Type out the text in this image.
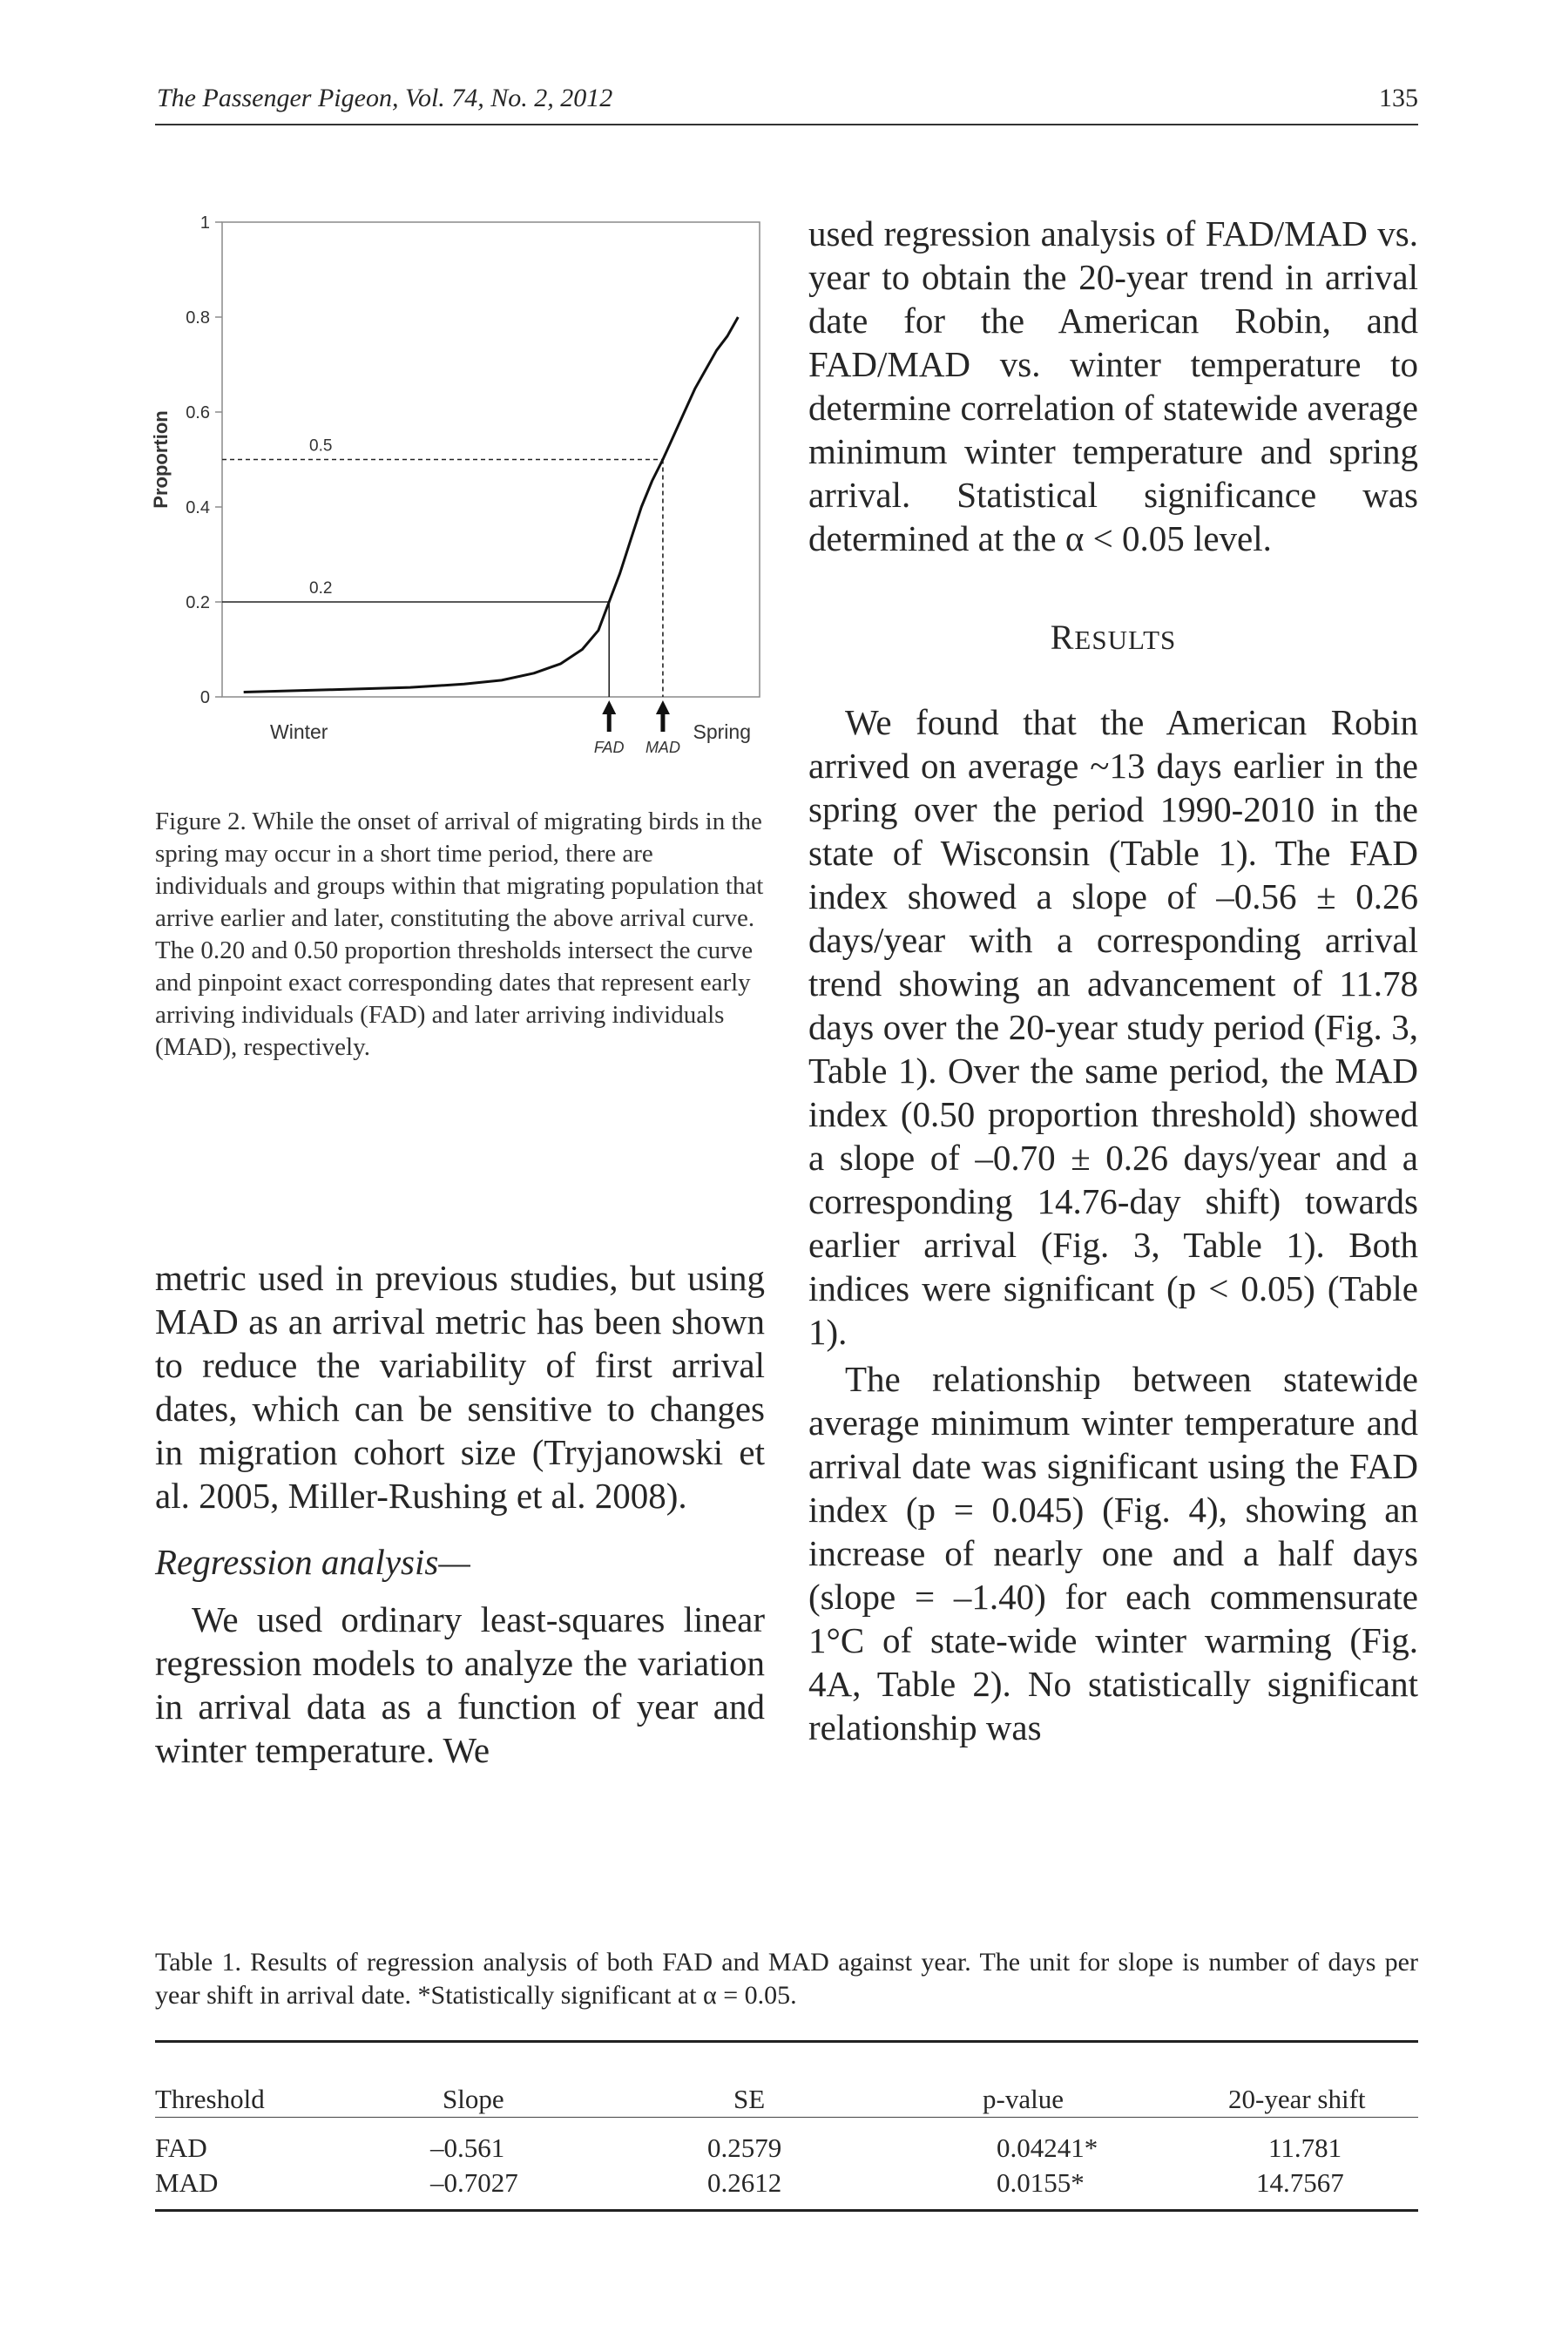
The Passenger Pigeon, Vol. 74, No. 2, 2012	135
0
0.2
0.4
0.6
0.8
1
Proportion
Winter	Spring
0.2
FAD
0.5
MAD

Figure 2. While the onset of arrival of migrating birds in the spring may occur in a short time period, there are individuals and groups within that migrating population that arrive earlier and later, constituting the above arrival curve. The 0.20 and 0.50 proportion thresholds intersect the curve and pinpoint exact corresponding dates that represent early arriving individuals (FAD) and later arriving individuals (MAD), respectively.

metric used in previous studies, but using MAD as an arrival metric has been shown to reduce the variability of first arrival dates, which can be sensitive to changes in migration cohort size (Tryjanowski et al. 2005, Miller-Rushing et al. 2008).

Regression analysis—

We used ordinary least-squares linear regression models to analyze the variation in arrival data as a function of year and winter temperature. We

used regression analysis of FAD/MAD vs. year to obtain the 20-year trend in arrival date for the American Robin, and FAD/MAD vs. winter temperature to determine correlation of statewide average minimum winter temperature and spring arrival. Statistical significance was determined at the α < 0.05 level.

RESULTS

We found that the American Robin arrived on average ~13 days earlier in the spring over the period 1990-2010 in the state of Wisconsin (Table 1). The FAD index showed a slope of –0.56 ± 0.26 days/year with a corresponding arrival trend showing an advancement of 11.78 days over the 20-year study period (Fig. 3, Table 1). Over the same period, the MAD index (0.50 proportion threshold) showed a slope of –0.70 ± 0.26 days/year and a corresponding 14.76-day shift) towards earlier arrival (Fig. 3, Table 1). Both indices were significant (p < 0.05) (Table 1).

The relationship between statewide average minimum winter temperature and arrival date was significant using the FAD index (p = 0.045) (Fig. 4), showing an increase of nearly one and a half days (slope = –1.40) for each commensurate 1°C of state-wide winter warming (Fig. 4A, Table 2). No statistically significant relationship was

Table 1. Results of regression analysis of both FAD and MAD against year. The unit for slope is number of days per year shift in arrival date. *Statistically significant at α = 0.05.
Threshold	Slope	SE	p-value	20-year shift
FAD	–0.561	0.2579	0.04241*	11.781
MAD	–0.7027	0.2612	0.0155*	14.7567
